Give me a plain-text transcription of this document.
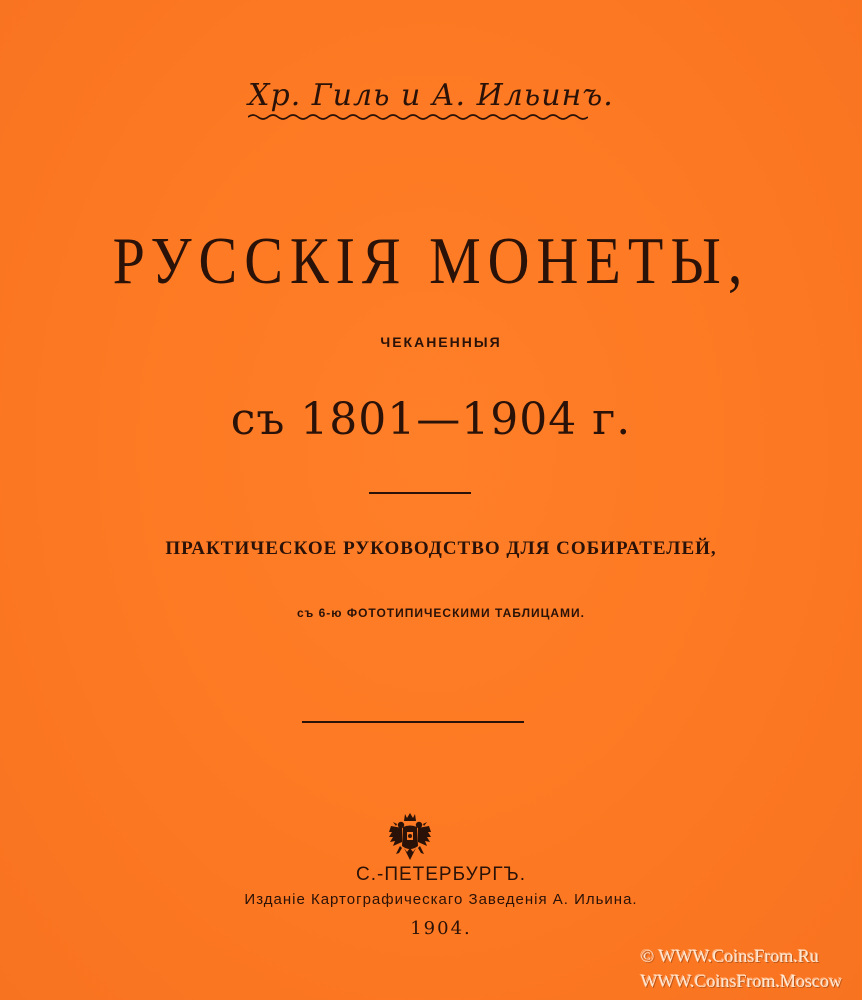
Хр. Гиль и А. Ильинъ.
РУССКІЯ МОНЕТЫ,
ЧЕКАНЕННЫЯ
съ 1801—1904 г.
ПРАКТИЧЕСКОЕ РУКОВОДСТВО ДЛЯ СОБИРАТЕЛЕЙ,
съ 6-ю ФОТОТИПИЧЕСКИМИ ТАБЛИЦАМИ.
С.-ПЕТЕРБУРГЪ.
Изданіе Картографическаго Заведенія А. Ильина.
1904.
© WWW.CoinsFrom.Ru
WWW.CoinsFrom.Moscow
